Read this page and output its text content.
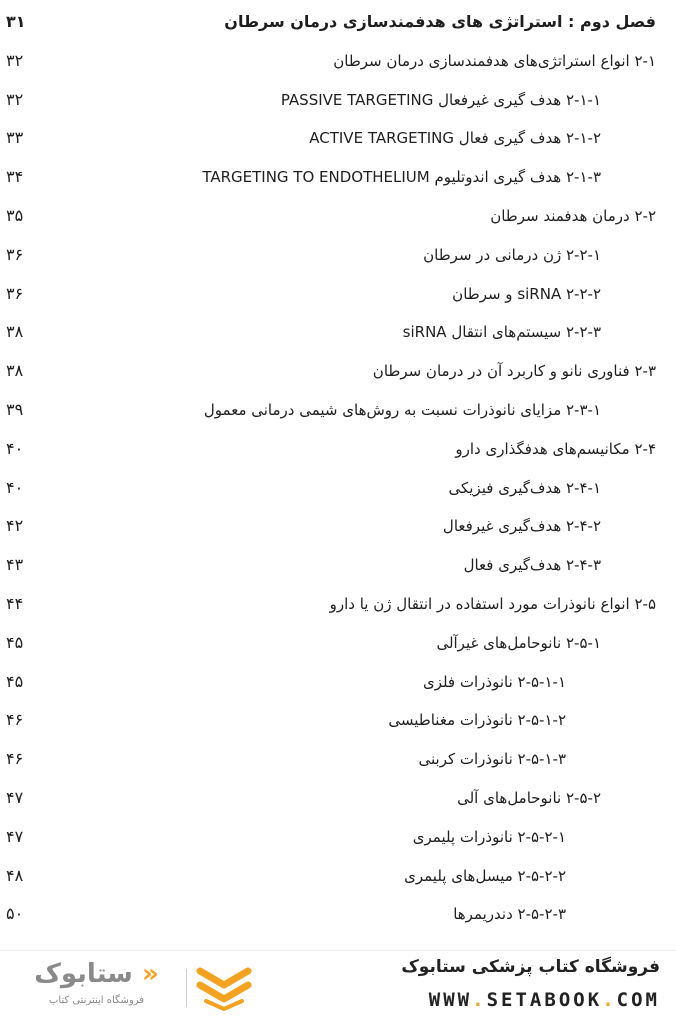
فصل دوم : استراتژی های هدفمندسازی درمان سرطان
۳۱
۲-۱ انواع استراتژی‌های هدفمندسازی درمان سرطان
۳۲
۲-۱-۱ هدف گیری غیرفعال PASSIVE TARGETING
۳۲
۲-۱-۲ هدف گیری فعال ACTIVE TARGETING
۳۳
۲-۱-۳ هدف گیری اندوتلیوم TARGETING TO ENDOTHELIUM
۳۴
۲-۲ درمان هدفمند سرطان
۳۵
۲-۲-۱ ژن درمانی در سرطان
۳۶
۲-۲-۲ siRNA و سرطان
۳۶
۲-۲-۳ سیستم‌های انتقال siRNA
۳۸
۲-۳ فناوری نانو و کاربرد آن در درمان سرطان
۳۸
۲-۳-۱ مزایای نانوذرات نسبت به روش‌های شیمی درمانی معمول
۳۹
۲-۴ مکانیسم‌های هدفگذاری دارو
۴۰
۲-۴-۱ هدف‌گیری فیزیکی
۴۰
۲-۴-۲ هدف‌گیری غیرفعال
۴۲
۲-۴-۳ هدف‌گیری فعال
۴۳
۲-۵ انواع نانوذرات مورد استفاده در انتقال ژن یا دارو
۴۴
۲-۵-۱ نانوحامل‌های غیرآلی
۴۵
۲-۵-۱-۱ نانوذرات فلزی
۴۵
۲-۵-۱-۲ نانوذرات مغناطیسی
۴۶
۲-۵-۱-۳ نانوذرات کربنی
۴۶
۲-۵-۲ نانوحامل‌های آلی
۴۷
۲-۵-۲-۱ نانوذرات پلیمری
۴۷
۲-۵-۲-۲ میسل‌های پلیمری
۴۸
۲-۵-۲-۳ دندریمرها
۵۰
« ستابوک
فروشگاه اینترنتی کتاب
فروشگاه کتاب پزشکی ستابوک
WWW.SETABOOK.COM
